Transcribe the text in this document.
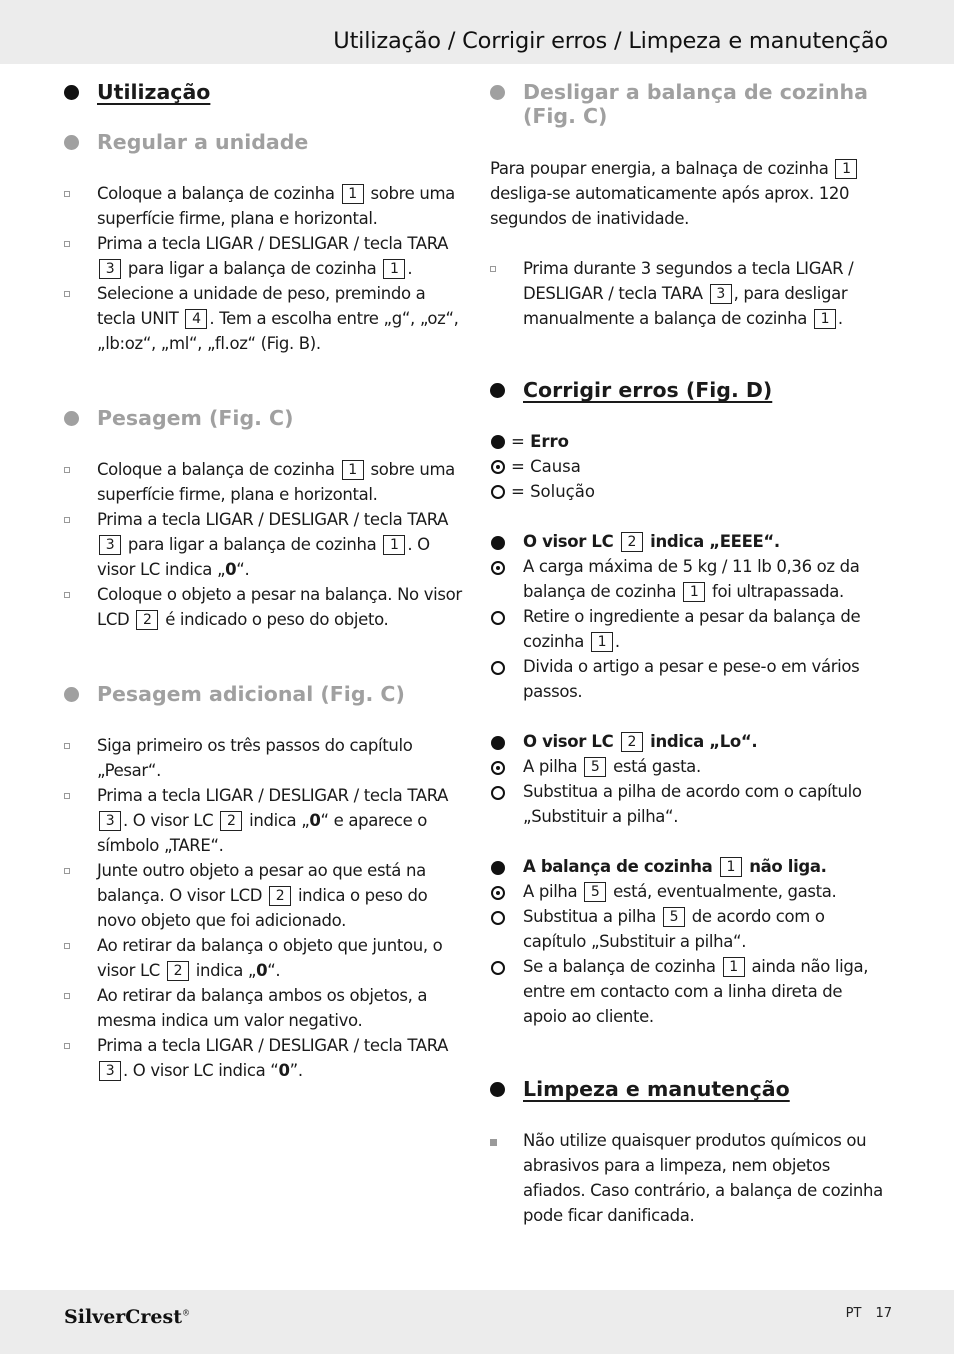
Utilização / Corrigir erros / Limpeza e manutenção
Utilização
Regular a unidade
Coloque a balança de cozinha 1 sobre uma superfície firme, plana e horizontal.
Prima a tecla LIGAR / DESLIGAR / tecla TARA 3 para ligar a balança de cozinha 1 .
Selecione a unidade de peso, premindo a tecla UNIT 4 . Tem a escolha entre „g“, „oz“, „lb:oz“, „ml“, „fl.oz“ (Fig. B).
Pesagem (Fig. C)
Coloque a balança de cozinha 1 sobre uma superfície firme, plana e horizontal.
Prima a tecla LIGAR / DESLIGAR / tecla TARA 3 para ligar a balança de cozinha 1 . O visor LC indica „0“.
Coloque o objeto a pesar na balança. No visor LCD 2 é indicado o peso do objeto.
Pesagem adicional (Fig. C)
Siga primeiro os três passos do capítulo „Pesar“.
Prima a tecla LIGAR / DESLIGAR / tecla TARA 3 . O visor LC 2 indica „0“ e aparece o símbolo „TARE“.
Junte outro objeto a pesar ao que está na balança. O visor LCD 2 indica o peso do novo objeto que foi adicionado.
Ao retirar da balança o objeto que juntou, o visor LC 2 indica „0“.
Ao retirar da balança ambos os objetos, a mesma indica um valor negativo.
Prima a tecla LIGAR / DESLIGAR / tecla TARA 3 . O visor LC indica “0”.
Desligar a balança de cozinha (Fig. C)
Para poupar energia, a balnaça de cozinha 1 desliga-se automaticamente após aprox. 120 segundos de inatividade.
Prima durante 3 segundos a tecla LIGAR / DESLIGAR / tecla TARA 3 , para desligar manualmente a balança de cozinha 1 .
Corrigir erros (Fig. D)
= Erro
= Causa
= Solução
O visor LC 2 indica „EEEE“.
A carga máxima de 5 kg / 11 lb 0,36 oz da balança de cozinha 1 foi ultrapassada.
Retire o ingrediente a pesar da balança de cozinha 1 .
Divida o artigo a pesar e pese-o em vários passos.
O visor LC 2 indica „Lo“.
A pilha 5 está gasta.
Substitua a pilha de acordo com o capítulo „Substituir a pilha“.
A balança de cozinha 1 não liga.
A pilha 5 está, eventualmente, gasta.
Substitua a pilha 5 de acordo com o capítulo „Substituir a pilha“.
Se a balança de cozinha 1 ainda não liga, entre em contacto com a linha direta de apoio ao cliente.
Limpeza e manutenção
Não utilize quaisquer produtos químicos ou abrasivos para a limpeza, nem objetos afiados. Caso contrário, a balança de cozinha pode ficar danificada.
SilverCrest®	PT 17
